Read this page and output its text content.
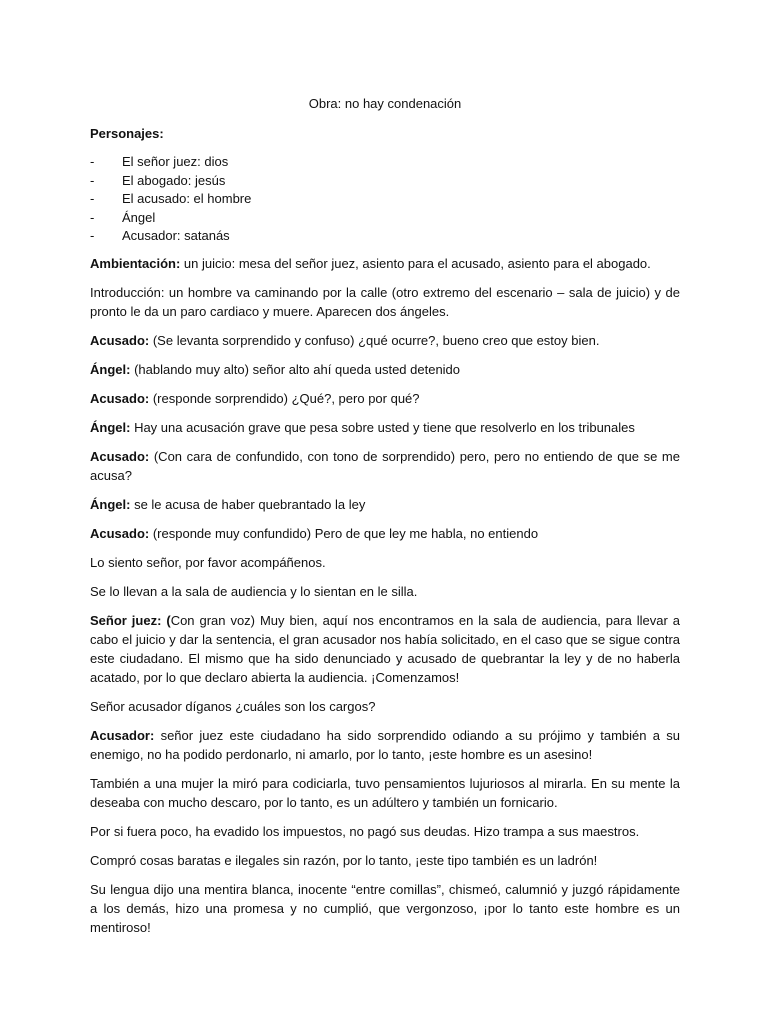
Obra: no hay condenación

Personajes:

- El señor juez: dios
- El abogado: jesús
- El acusado: el hombre
- Ángel
- Acusador: satanás

Ambientación: un juicio: mesa del señor juez, asiento para el acusado, asiento para el abogado.

Introducción: un hombre va caminando por la calle (otro extremo del escenario – sala de juicio) y de pronto le da un paro cardiaco y muere. Aparecen dos ángeles.

Acusado: (Se levanta sorprendido y confuso) ¿qué ocurre?, bueno creo que estoy bien.

Ángel: (hablando muy alto) señor alto ahí queda usted detenido

Acusado: (responde sorprendido) ¿Qué?, pero por qué?

Ángel: Hay una acusación grave que pesa sobre usted y tiene que resolverlo en los tribunales

Acusado: (Con cara de confundido, con tono de sorprendido) pero, pero no entiendo de que se me acusa?

Ángel: se le acusa de haber quebrantado la ley

Acusado: (responde muy confundido) Pero de que ley me habla, no entiendo

Lo siento señor, por favor acompáñenos.

Se lo llevan a la sala de audiencia y lo sientan en le silla.

Señor juez: (Con gran voz) Muy bien, aquí nos encontramos en la sala de audiencia, para llevar a cabo el juicio y dar la sentencia, el gran acusador nos había solicitado, en el caso que se sigue contra este ciudadano. El mismo que ha sido denunciado y acusado de quebrantar la ley y de no haberla acatado, por lo que declaro abierta la audiencia. ¡Comenzamos!

Señor acusador díganos ¿cuáles son los cargos?

Acusador: señor juez este ciudadano ha sido sorprendido odiando a su prójimo y también a su enemigo, no ha podido perdonarlo, ni amarlo, por lo tanto, ¡este hombre es un asesino!

También a una mujer la miró para codiciarla, tuvo pensamientos lujuriosos al mirarla. En su mente la deseaba con mucho descaro, por lo tanto, es un adúltero y también un fornicario.

Por si fuera poco, ha evadido los impuestos, no pagó sus deudas. Hizo trampa a sus maestros.

Compró cosas baratas e ilegales sin razón, por lo tanto, ¡este tipo también es un ladrón!

Su lengua dijo una mentira blanca, inocente “entre comillas”, chismeó, calumnió y juzgó rápidamente a los demás, hizo una promesa y no cumplió, que vergonzoso, ¡por lo tanto este hombre es un mentiroso!
